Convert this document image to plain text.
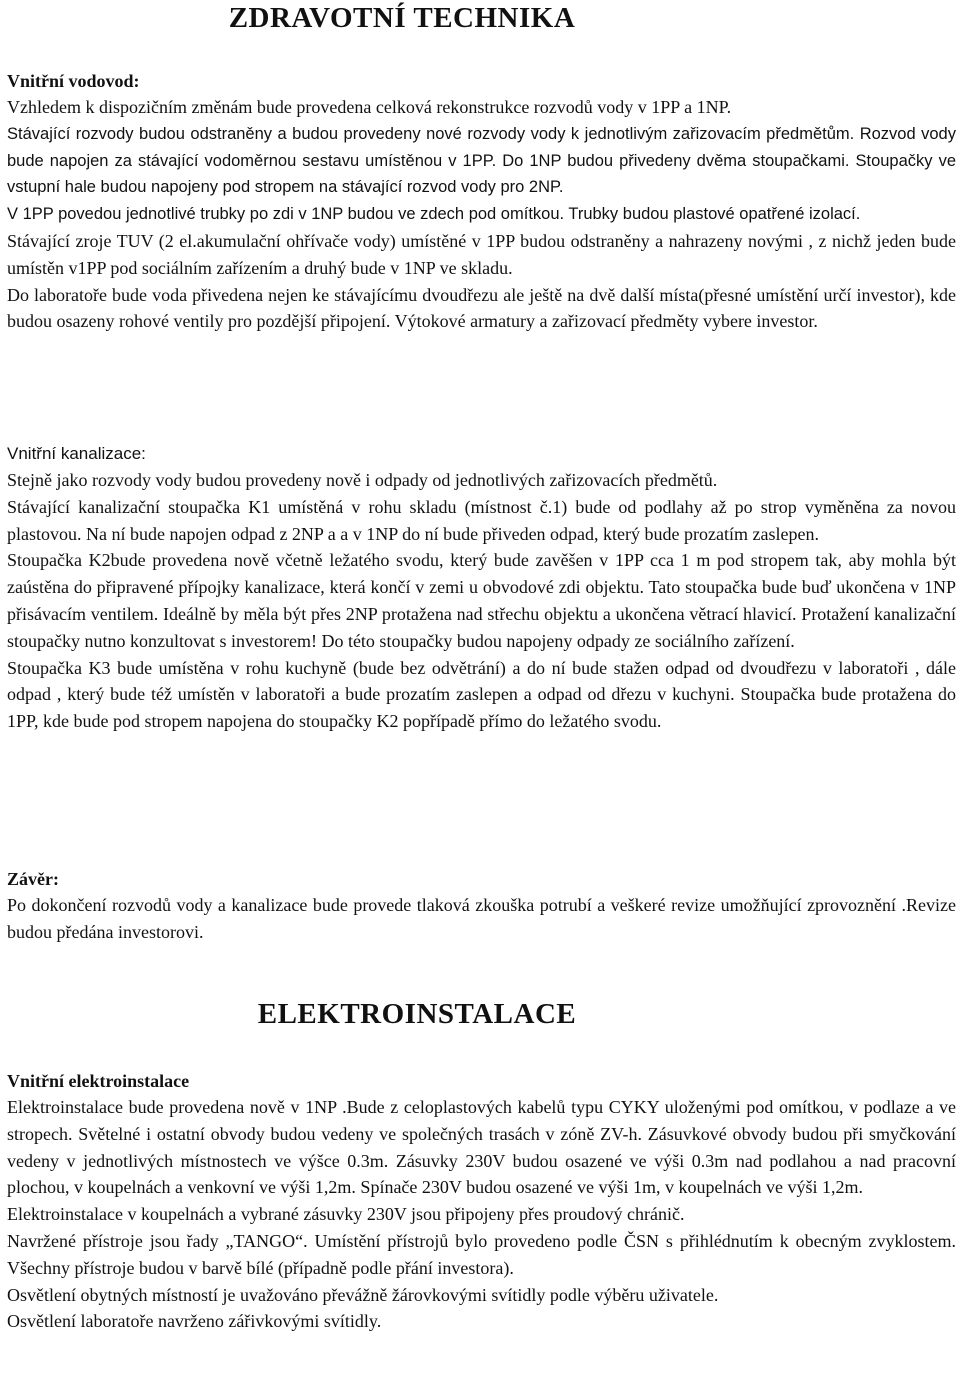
ZDRAVOTNÍ TECHNIKA

Vnitřní vodovod:

Vzhledem k dispozičním změnám bude provedena celková rekonstrukce rozvodů vody v 1PP a 1NP.

Stávající rozvody budou odstraněny a budou provedeny nové rozvody vody k jednotlivým zařizovacím předmětům. Rozvod vody bude napojen za stávající vodoměrnou sestavu umístěnou v 1PP. Do 1NP budou přivedeny dvěma stoupačkami. Stoupačky ve vstupní hale budou napojeny pod stropem na stávající rozvod vody pro 2NP.

V 1PP povedou jednotlivé trubky po zdi v 1NP budou ve zdech pod omítkou. Trubky budou plastové opatřené izolací.

Stávající zroje TUV (2 el.akumulační ohřívače vody) umístěné v 1PP budou odstraněny a nahrazeny novými , z nichž jeden bude umístěn v1PP pod sociálním zařízením a druhý bude v 1NP ve skladu.

Do laboratoře bude voda přivedena nejen ke stávajícímu dvoudřezu ale ještě na dvě další místa(přesné umístění určí investor), kde budou osazeny rohové ventily pro pozdější připojení. Výtokové armatury a zařizovací předměty vybere investor.

Vnitřní kanalizace:

Stejně jako rozvody vody budou provedeny nově i odpady od jednotlivých zařizovacích předmětů.

Stávající kanalizační stoupačka K1 umístěná v rohu skladu (místnost č.1) bude od podlahy až po strop vyměněna za novou plastovou. Na ní bude napojen odpad z 2NP a a v 1NP do ní bude přiveden odpad, který bude prozatím zaslepen.

Stoupačka K2bude provedena nově včetně ležatého svodu, který bude zavěšen v 1PP cca 1 m pod stropem tak, aby mohla být zaústěna do připravené přípojky kanalizace, která končí v zemi u obvodové zdi objektu. Tato stoupačka bude buď ukončena v 1NP přisávacím ventilem. Ideálně by měla být přes 2NP protažena nad střechu objektu a ukončena větrací hlavicí. Protažení kanalizační stoupačky nutno konzultovat s investorem! Do této stoupačky budou napojeny odpady ze sociálního zařízení.

Stoupačka K3 bude umístěna v rohu kuchyně (bude bez odvětrání) a do ní bude stažen odpad od dvoudřezu v laboratoři , dále odpad , který bude též umístěn v laboratoři a bude prozatím zaslepen a odpad od dřezu v kuchyni. Stoupačka bude protažena do 1PP, kde bude pod stropem napojena do stoupačky K2 popřípadě přímo do ležatého svodu.

Závěr:

Po dokončení rozvodů vody a kanalizace bude provede tlaková zkouška potrubí a veškeré revize umožňující zprovoznění .Revize budou předána investorovi.

ELEKTROINSTALACE

Vnitřní elektroinstalace

Elektroinstalace bude provedena nově v 1NP .Bude z celoplastových kabelů typu CYKY uloženými pod omítkou, v podlaze a ve stropech. Světelné i ostatní obvody budou vedeny ve společných trasách v zóně ZV-h. Zásuvkové obvody budou při smyčkování vedeny v jednotlivých místnostech ve výšce 0.3m. Zásuvky 230V budou osazené ve výši 0.3m nad podlahou a nad pracovní plochou, v koupelnách a venkovní ve výši 1,2m. Spínače 230V budou osazené ve výši 1m, v koupelnách ve výši 1,2m.

Elektroinstalace v koupelnách a vybrané zásuvky 230V jsou připojeny přes proudový chránič.

Navržené přístroje jsou řady „TANGO“. Umístění přístrojů bylo provedeno podle ČSN s přihlédnutím k obecným zvyklostem. Všechny přístroje budou v barvě bílé (případně podle přání investora).

Osvětlení obytných místností je uvažováno převážně žárovkovými svítidly podle výběru uživatele.

Osvětlení laboratoře navrženo zářivkovými svítidly.
